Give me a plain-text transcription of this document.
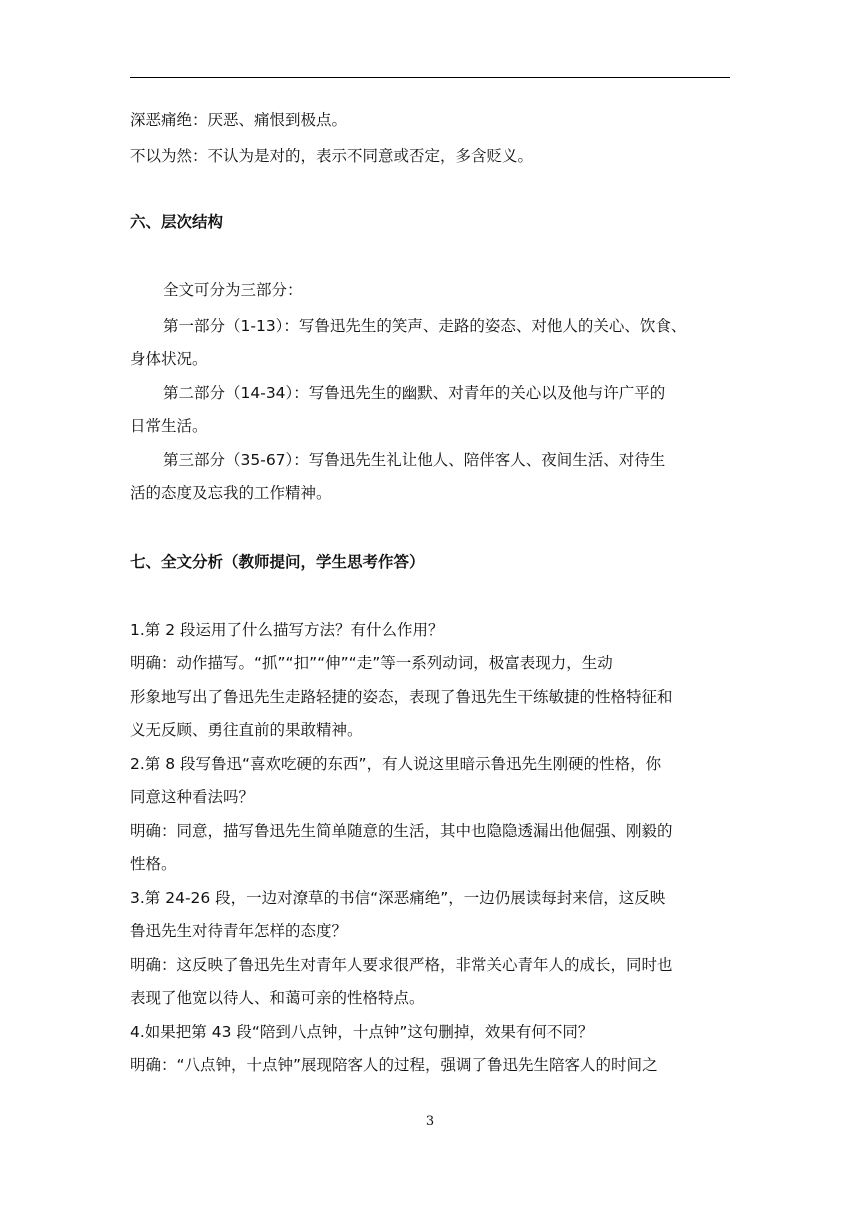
深恶痛绝：厌恶、痛恨到极点。
不以为然：不认为是对的，表示不同意或否定，多含贬义。
六、层次结构
全文可分为三部分：
第一部分（1-13）：写鲁迅先生的笑声、走路的姿态、对他人的关心、饮食、
身体状况。
第二部分（14-34）：写鲁迅先生的幽默、对青年的关心以及他与许广平的
日常生活。
第三部分（35-67）：写鲁迅先生礼让他人、陪伴客人、夜间生活、对待生
活的态度及忘我的工作精神。
七、全文分析（教师提问，学生思考作答）
1.第 2 段运用了什么描写方法？有什么作用？
明确：动作描写。“抓”“扣”“伸”“走”等一系列动词，极富表现力，生动
形象地写出了鲁迅先生走路轻捷的姿态，表现了鲁迅先生干练敏捷的性格特征和
义无反顾、勇往直前的果敢精神。
2.第 8 段写鲁迅“喜欢吃硬的东西”，有人说这里暗示鲁迅先生刚硬的性格，你
同意这种看法吗？
明确：同意，描写鲁迅先生简单随意的生活，其中也隐隐透漏出他倔强、刚毅的
性格。
3.第 24-26 段，一边对潦草的书信“深恶痛绝”，一边仍展读每封来信，这反映
鲁迅先生对待青年怎样的态度？
明确：这反映了鲁迅先生对青年人要求很严格，非常关心青年人的成长，同时也
表现了他宽以待人、和蔼可亲的性格特点。
4.如果把第 43 段“陪到八点钟，十点钟”这句删掉，效果有何不同？
明确：“八点钟，十点钟”展现陪客人的过程，强调了鲁迅先生陪客人的时间之
3
